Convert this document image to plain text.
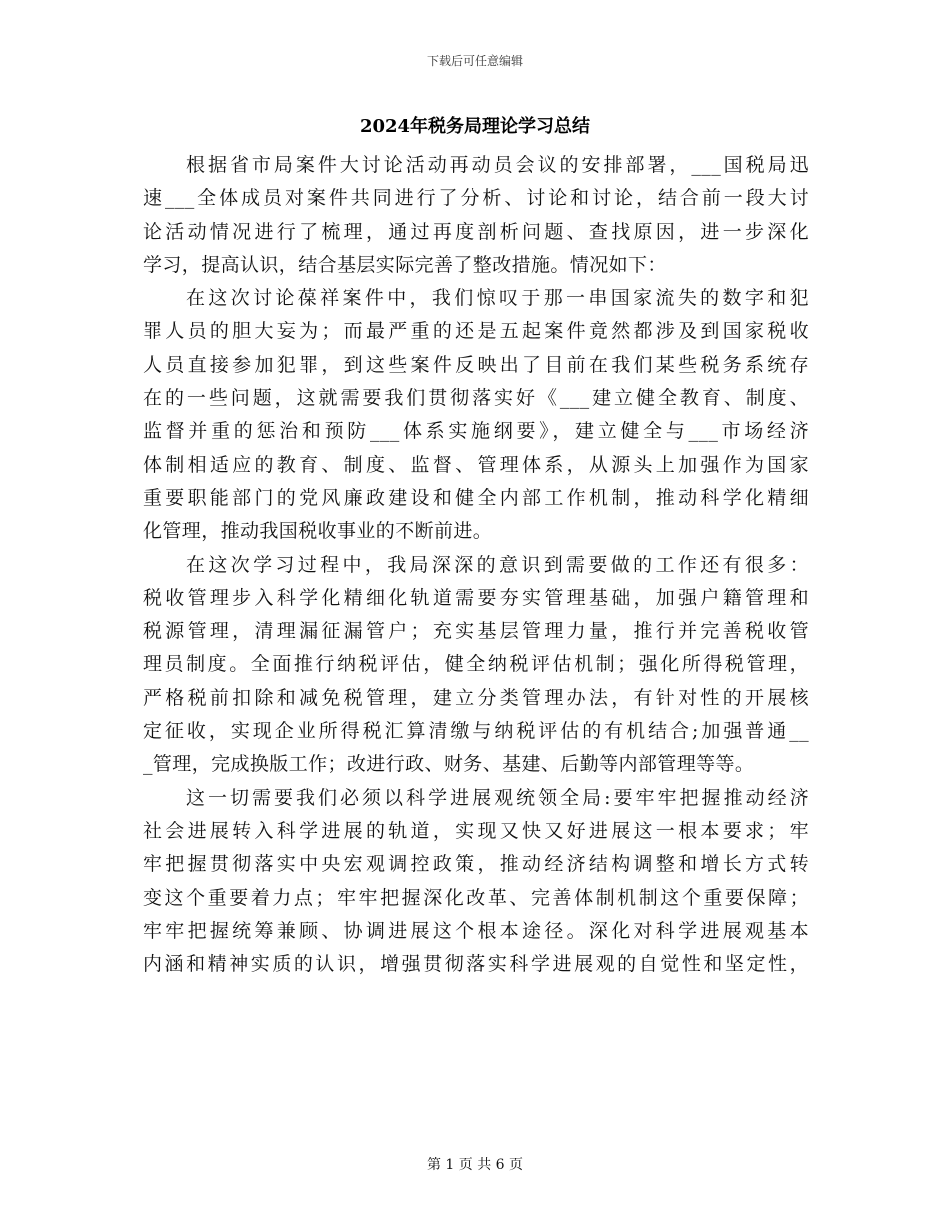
下载后可任意编辑
2024年税务局理论学习总结
根据省市局案件大讨论活动再动员会议的安排部署，___国税局迅
速___全体成员对案件共同进行了分析、讨论和讨论，结合前一段大讨
论活动情况进行了梳理，通过再度剖析问题、查找原因，进一步深化
学习，提高认识，结合基层实际完善了整改措施。情况如下：
在这次讨论葆祥案件中，我们惊叹于那一串国家流失的数字和犯
罪人员的胆大妄为；而最严重的还是五起案件竟然都涉及到国家税收
人员直接参加犯罪，到这些案件反映出了目前在我们某些税务系统存
在的一些问题，这就需要我们贯彻落实好《___建立健全教育、制度、
监督并重的惩治和预防___体系实施纲要》，建立健全与___市场经济
体制相适应的教育、制度、监督、管理体系，从源头上加强作为国家
重要职能部门的党风廉政建设和健全内部工作机制，推动科学化精细
化管理，推动我国税收事业的不断前进。
在这次学习过程中，我局深深的意识到需要做的工作还有很多：
税收管理步入科学化精细化轨道需要夯实管理基础，加强户籍管理和
税源管理，清理漏征漏管户；充实基层管理力量，推行并完善税收管
理员制度。全面推行纳税评估，健全纳税评估机制；强化所得税管理，
严格税前扣除和减免税管理，建立分类管理办法，有针对性的开展核
定征收，实现企业所得税汇算清缴与纳税评估的有机结合;加强普通__
_管理，完成换版工作；改进行政、财务、基建、后勤等内部管理等等。
这一切需要我们必须以科学进展观统领全局:要牢牢把握推动经济
社会进展转入科学进展的轨道，实现又快又好进展这一根本要求；牢
牢把握贯彻落实中央宏观调控政策，推动经济结构调整和增长方式转
变这个重要着力点；牢牢把握深化改革、完善体制机制这个重要保障；
牢牢把握统筹兼顾、协调进展这个根本途径。深化对科学进展观基本
内涵和精神实质的认识，增强贯彻落实科学进展观的自觉性和坚定性，
第 1 页 共 6 页
